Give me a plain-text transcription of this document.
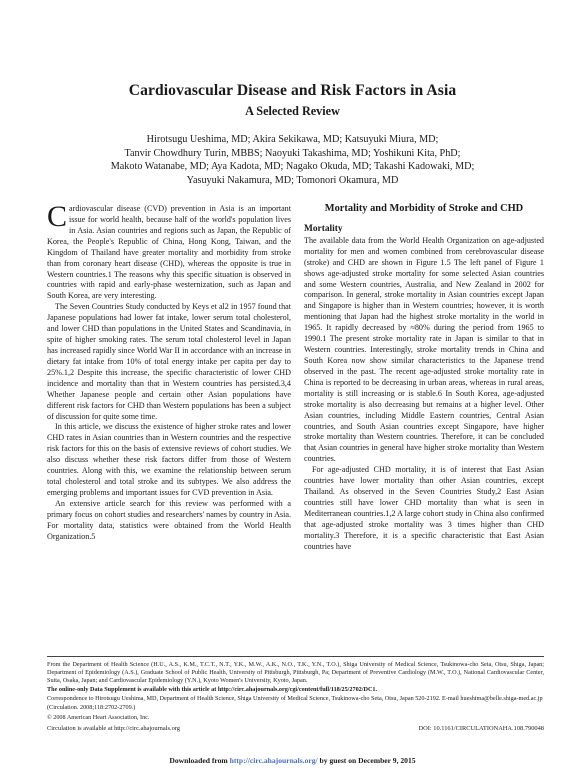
Cardiovascular Disease and Risk Factors in Asia
A Selected Review
Hirotsugu Ueshima, MD; Akira Sekikawa, MD; Katsuyuki Miura, MD;
Tanvir Chowdhury Turin, MBBS; Naoyuki Takashima, MD; Yoshikuni Kita, PhD;
Makoto Watanabe, MD; Aya Kadota, MD; Nagako Okuda, MD; Takashi Kadowaki, MD;
Yasuyuki Nakamura, MD; Tomonori Okamura, MD

Cardiovascular disease (CVD) prevention in Asia is an important issue for world health, because half of the world's population lives in Asia. Asian countries and regions such as Japan, the Republic of Korea, the People's Republic of China, Hong Kong, Taiwan, and the Kingdom of Thailand have greater mortality and morbidity from stroke than from coronary heart disease (CHD), whereas the opposite is true in Western countries.1 The reasons why this specific situation is observed in countries with rapid and early-phase westernization, such as Japan and South Korea, are very interesting.

The Seven Countries Study conducted by Keys et al2 in 1957 found that Japanese populations had lower fat intake, lower serum total cholesterol, and lower CHD than populations in the United States and Scandinavia, in spite of higher smoking rates. The serum total cholesterol level in Japan has increased rapidly since World War II in accordance with an increase in dietary fat intake from 10% of total energy intake per capita per day to 25%.1,2 Despite this increase, the specific characteristic of lower CHD incidence and mortality than that in Western countries has persisted.3,4 Whether Japanese people and certain other Asian populations have different risk factors for CHD than Western populations has been a subject of discussion for quite some time.

In this article, we discuss the existence of higher stroke rates and lower CHD rates in Asian countries than in Western countries and the respective risk factors for this on the basis of extensive reviews of cohort studies. We also discuss whether these risk factors differ from those of Western countries. Along with this, we examine the relationship between serum total cholesterol and total stroke and its subtypes. We also address the emerging problems and important issues for CVD prevention in Asia.

An extensive article search for this review was performed with a primary focus on cohort studies and researchers' names by country in Asia. For mortality data, statistics were obtained from the World Health Organization.5

Mortality and Morbidity of Stroke and CHD
Mortality

The available data from the World Health Organization on age-adjusted mortality for men and women combined from cerebrovascular disease (stroke) and CHD are shown in Figure 1.5 The left panel of Figure 1 shows age-adjusted stroke mortality for some selected Asian countries and some Western countries, Australia, and New Zealand in 2002 for comparison. In general, stroke mortality in Asian countries except Japan and Singapore is higher than in Western countries; however, it is worth mentioning that Japan had the highest stroke mortality in the world in 1965. It rapidly decreased by ≈80% during the period from 1965 to 1990.1 The present stroke mortality rate in Japan is similar to that in Western countries. Interestingly, stroke mortality trends in China and South Korea now show similar characteristics to the Japanese trend observed in the past. The recent age-adjusted stroke mortality rate in China is reported to be decreasing in urban areas, whereas in rural areas, mortality is still increasing or is stable.6 In South Korea, age-adjusted stroke mortality is also decreasing but remains at a higher level. Other Asian countries, including Middle Eastern countries, Central Asian countries, and South Asian countries except Singapore, have higher stroke mortality than Western countries. Therefore, it can be concluded that Asian countries in general have higher stroke mortality than Western countries.

For age-adjusted CHD mortality, it is of interest that East Asian countries have lower mortality than other Asian countries, except Thailand. As observed in the Seven Countries Study,2 East Asian countries still have lower CHD mortality than what is seen in Mediterranean countries.1,2 A large cohort study in China also confirmed that age-adjusted stroke mortality was 3 times higher than CHD mortality.3 Therefore, it is a specific characteristic that East Asian countries have

From the Department of Health Science (H.U., A.S., K.M., T.C.T., N.T., Y.K., M.W., A.K., N.O., T.K., Y.N., T.O.), Shiga University of Medical Science, Tsukinowa-cho Seta, Otsu, Shiga, Japan; Department of Epidemiology (A.S.), Graduate School of Public Health, University of Pittsburgh, Pittsburgh, Pa; Department of Preventive Cardiology (M.W., T.O.), National Cardiovascular Center, Suita, Osaka, Japan; and Cardiovascular Epidemiology (Y.N.), Kyoto Women's University, Kyoto, Japan.

The online-only Data Supplement is available with this article at http://circ.ahajournals.org/cgi/content/full/118/25/2702/DC1.

Correspondence to Hirotsugu Ueshima, MD, Department of Health Science, Shiga University of Medical Science, Tsukinowa-cho Seta, Otsu, Japan 520-2192. E-mail hueshima@belle.shiga-med.ac.jp

(Circulation. 2008;118:2702-2709.)

© 2008 American Heart Association, Inc.

Circulation is available at http://circ.ahajournals.org	DOI: 10.1161/CIRCULATIONAHA.108.790048
Downloaded from http://circ.ahajournals.org/ by guest on December 9, 2015
